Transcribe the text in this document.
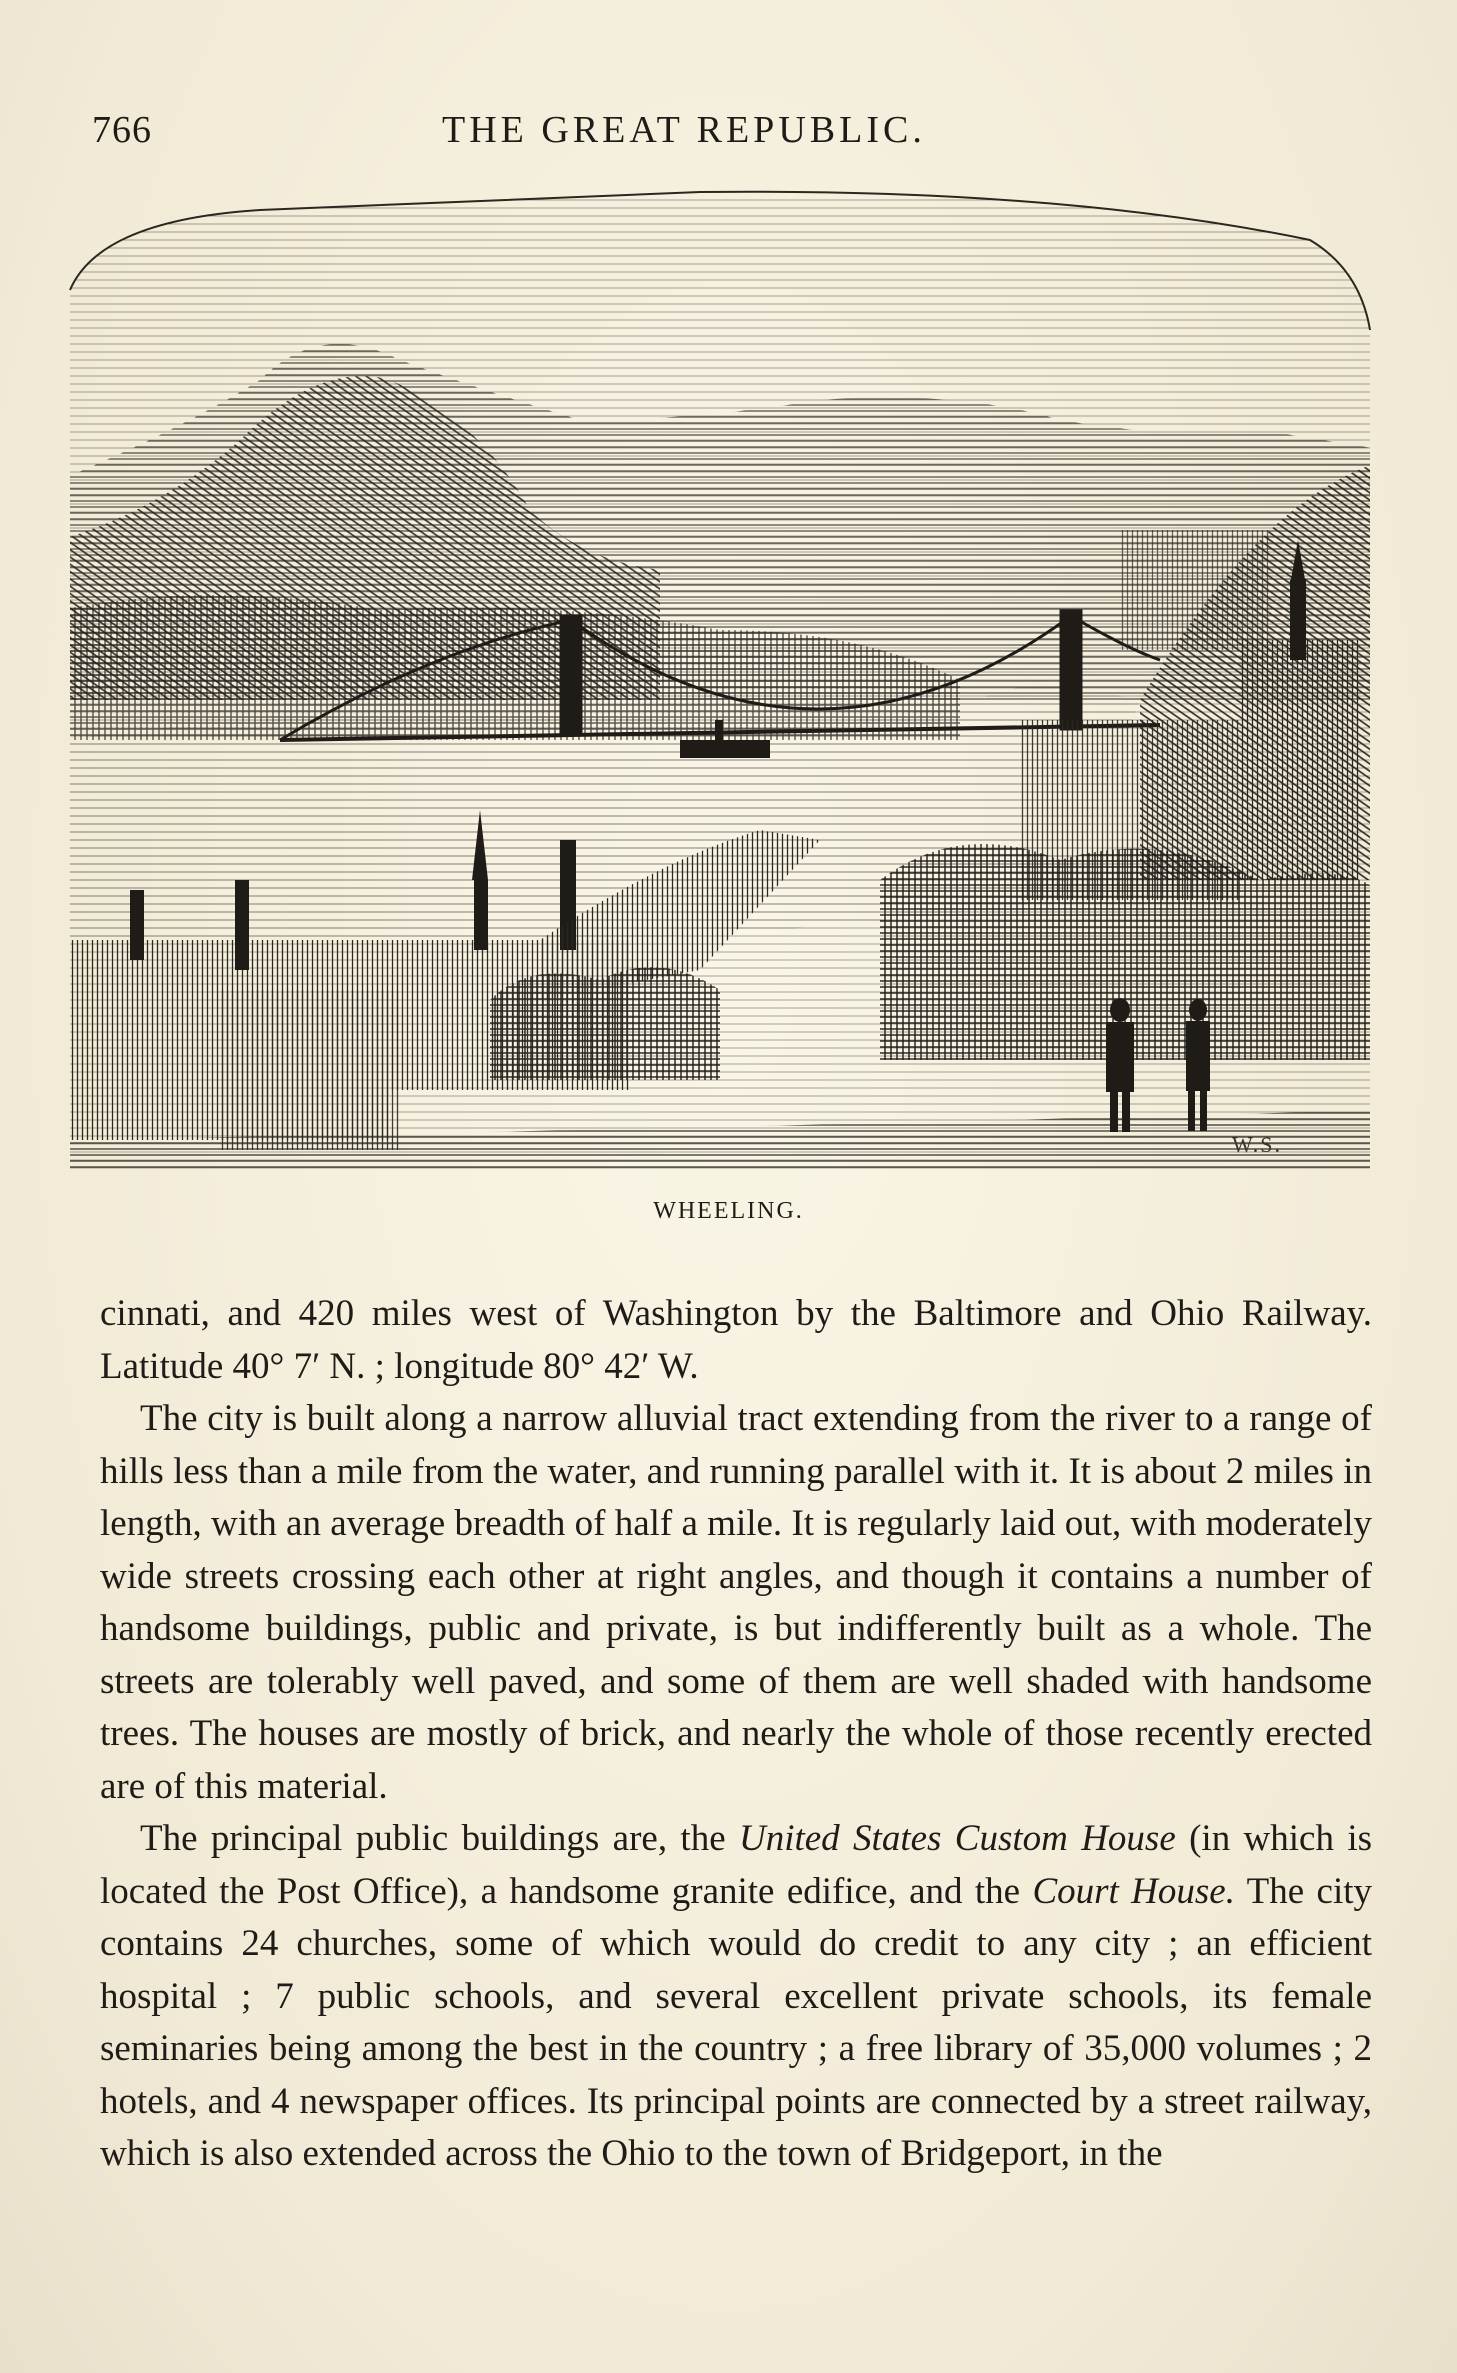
766	THE GREAT REPUBLIC.
W.S.
WHEELING.

cinnati, and 420 miles west of Washington by the Baltimore and Ohio Railway. Latitude 40° 7′ N. ; longitude 80° 42′ W.

The city is built along a narrow alluvial tract extending from the river to a range of hills less than a mile from the water, and running parallel with it. It is about 2 miles in length, with an average breadth of half a mile. It is regularly laid out, with moderately wide streets crossing each other at right angles, and though it contains a number of handsome buildings, public and private, is but indifferently built as a whole. The streets are tolerably well paved, and some of them are well shaded with handsome trees. The houses are mostly of brick, and nearly the whole of those recently erected are of this material.

The principal public buildings are, the United States Custom House (in which is located the Post Office), a handsome granite edifice, and the Court House. The city contains 24 churches, some of which would do credit to any city ; an efficient hospital ; 7 public schools, and several excellent private schools, its female seminaries being among the best in the country ; a free library of 35,000 volumes ; 2 hotels, and 4 newspaper offices. Its principal points are connected by a street railway, which is also extended across the Ohio to the town of Bridgeport, in the
